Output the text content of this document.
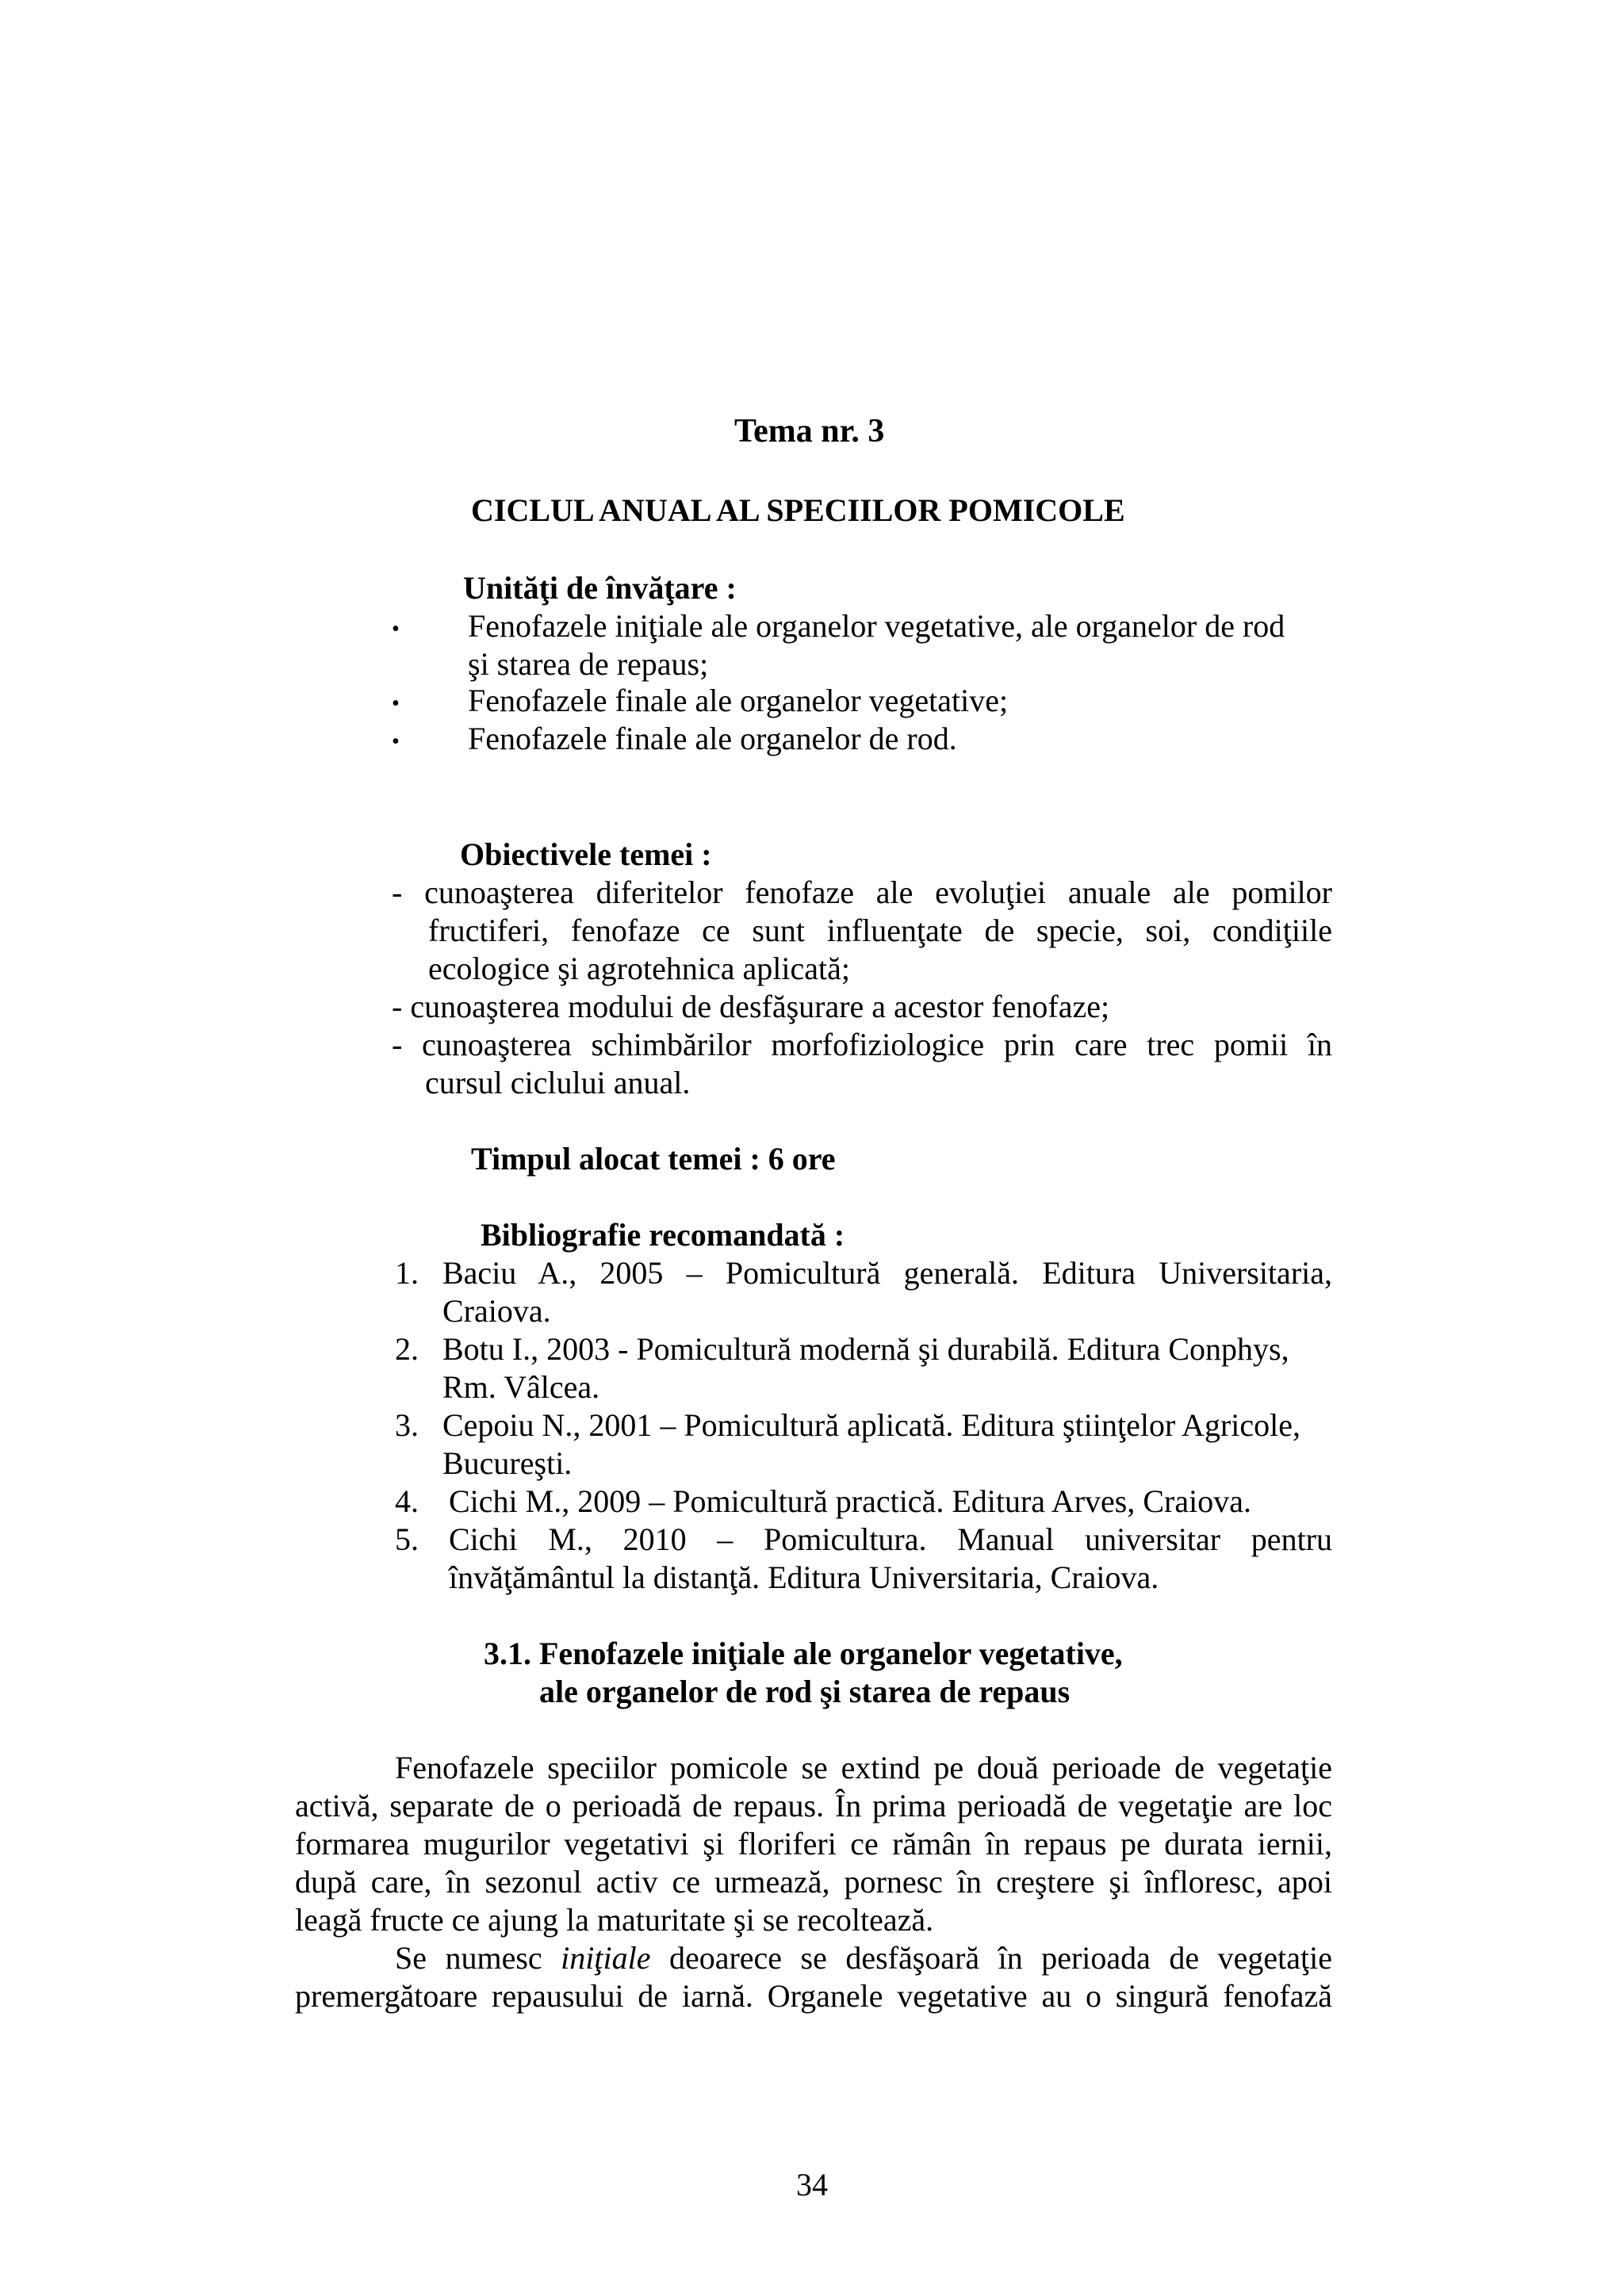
Tema nr. 3
CICLUL ANUAL AL SPECIILOR POMICOLE
Unităţi de învăţare :
• Fenofazele iniţiale ale organelor vegetative, ale organelor de rod
şi starea de repaus;
• Fenofazele finale ale organelor vegetative;
• Fenofazele finale ale organelor de rod.
Obiectivele temei :
- cunoaşterea diferitelor fenofaze ale evoluţiei anuale ale pomilor
fructiferi, fenofaze ce sunt influenţate de specie, soi, condiţiile
ecologice şi agrotehnica aplicată;
- cunoaşterea modului de desfăşurare a acestor fenofaze;
- cunoaşterea schimbărilor morfofiziologice prin care trec pomii în
cursul ciclului anual.
Timpul alocat temei : 6 ore
Bibliografie recomandată :
1. Baciu A., 2005 – Pomicultură generală. Editura Universitaria,
Craiova.
2. Botu I., 2003 - Pomicultură modernă şi durabilă. Editura Conphys,
Rm. Vâlcea.
3. Cepoiu N., 2001 – Pomicultură aplicată. Editura ştiinţelor Agricole,
Bucureşti.
4. Cichi M., 2009 – Pomicultură practică. Editura Arves, Craiova.
5. Cichi M., 2010 – Pomicultura. Manual universitar pentru
învăţământul la distanţă. Editura Universitaria, Craiova.
3.1. Fenofazele iniţiale ale organelor vegetative,
ale organelor de rod şi starea de repaus
Fenofazele speciilor pomicole se extind pe două perioade de vegetaţie
activă, separate de o perioadă de repaus. În prima perioadă de vegetaţie are loc
formarea mugurilor vegetativi şi floriferi ce rămân în repaus pe durata iernii,
după care, în sezonul activ ce urmează, pornesc în creştere şi înfloresc, apoi
leagă fructe ce ajung la maturitate şi se recoltează.
Se numesc iniţiale deoarece se desfăşoară în perioada de vegetaţie
premergătoare repausului de iarnă. Organele vegetative au o singură fenofază
34
